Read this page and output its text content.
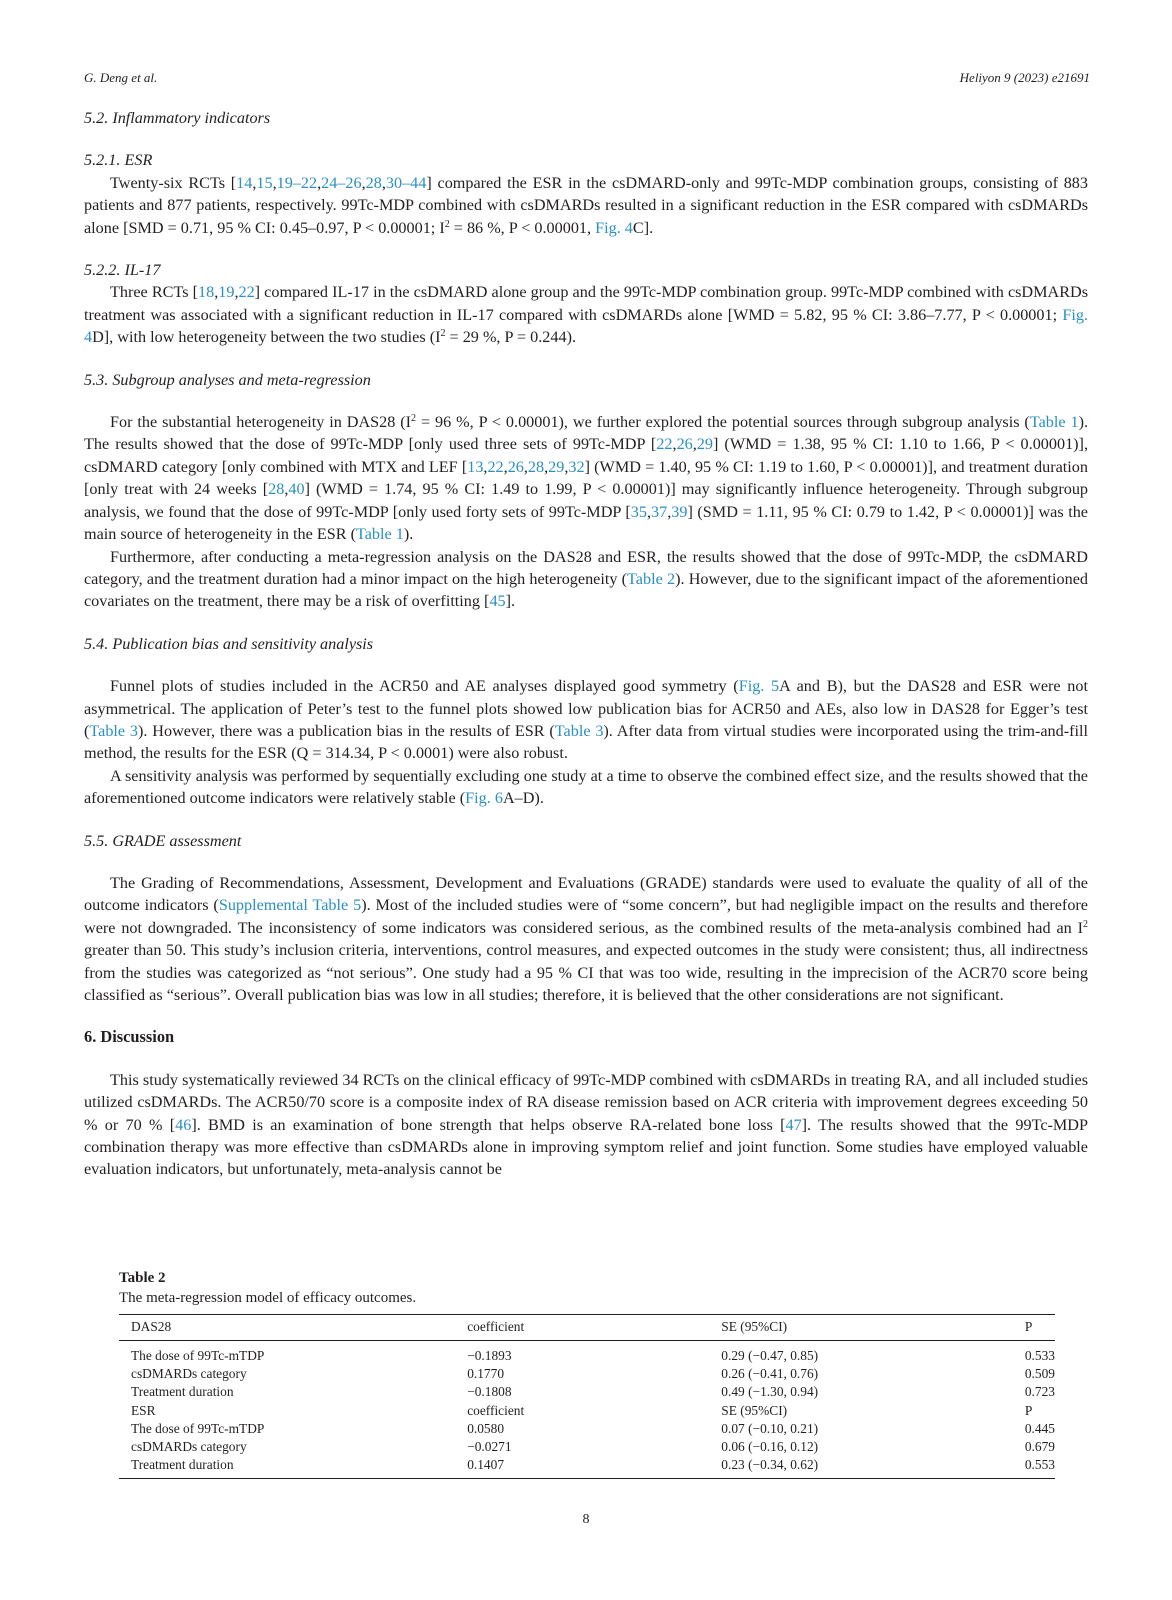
G. Deng et al.	Heliyon 9 (2023) e21691
5.2. Inflammatory indicators
5.2.1. ESR

Twenty-six RCTs [14,15,19–22,24–26,28,30–44] compared the ESR in the csDMARD-only and 99Tc-MDP combination groups, consisting of 883 patients and 877 patients, respectively. 99Tc-MDP combined with csDMARDs resulted in a significant reduction in the ESR compared with csDMARDs alone [SMD = 0.71, 95 % CI: 0.45–0.97, P < 0.00001; $I^2 = 86$ %, P < 0.00001, Fig. 4C].

5.2.2. IL-17

Three RCTs [18,19,22] compared IL-17 in the csDMARD alone group and the 99Tc-MDP combination group. 99Tc-MDP combined with csDMARDs treatment was associated with a significant reduction in IL-17 compared with csDMARDs alone [WMD = 5.82, 95 % CI: 3.86–7.77, P < 0.00001; Fig. 4D], with low heterogeneity between the two studies ($I^2 = 29$ %, P = 0.244).

5.3. Subgroup analyses and meta-regression

For the substantial heterogeneity in DAS28 ($I^2 = 96$ %, P < 0.00001), we further explored the potential sources through subgroup analysis (Table 1). The results showed that the dose of 99Tc-MDP [only used three sets of 99Tc-MDP [22,26,29] (WMD = 1.38, 95 % CI: 1.10 to 1.66, P < 0.00001)], csDMARD category [only combined with MTX and LEF [13,22,26,28,29,32] (WMD = 1.40, 95 % CI: 1.19 to 1.60, P < 0.00001)], and treatment duration [only treat with 24 weeks [28,40] (WMD = 1.74, 95 % CI: 1.49 to 1.99, P < 0.00001)] may significantly influence heterogeneity. Through subgroup analysis, we found that the dose of 99Tc-MDP [only used forty sets of 99Tc-MDP [35,37,39] (SMD = 1.11, 95 % CI: 0.79 to 1.42, P < 0.00001)] was the main source of heterogeneity in the ESR (Table 1).

Furthermore, after conducting a meta-regression analysis on the DAS28 and ESR, the results showed that the dose of 99Tc-MDP, the csDMARD category, and the treatment duration had a minor impact on the high heterogeneity (Table 2). However, due to the significant impact of the aforementioned covariates on the treatment, there may be a risk of overfitting [45].

5.4. Publication bias and sensitivity analysis

Funnel plots of studies included in the ACR50 and AE analyses displayed good symmetry (Fig. 5A and B), but the DAS28 and ESR were not asymmetrical. The application of Peter’s test to the funnel plots showed low publication bias for ACR50 and AEs, also low in DAS28 for Egger’s test (Table 3). However, there was a publication bias in the results of ESR (Table 3). After data from virtual studies were incorporated using the trim-and-fill method, the results for the ESR (Q = 314.34, P < 0.0001) were also robust.

A sensitivity analysis was performed by sequentially excluding one study at a time to observe the combined effect size, and the results showed that the aforementioned outcome indicators were relatively stable (Fig. 6A–D).

5.5. GRADE assessment

The Grading of Recommendations, Assessment, Development and Evaluations (GRADE) standards were used to evaluate the quality of all of the outcome indicators (Supplemental Table 5). Most of the included studies were of “some concern”, but had negligible impact on the results and therefore were not downgraded. The inconsistency of some indicators was considered serious, as the combined results of the meta-analysis combined had an $I^2$ greater than 50. This study’s inclusion criteria, interventions, control measures, and expected outcomes in the study were consistent; thus, all indirectness from the studies was categorized as “not serious”. One study had a 95 % CI that was too wide, resulting in the imprecision of the ACR70 score being classified as “serious”. Overall publication bias was low in all studies; therefore, it is believed that the other considerations are not significant.

6. Discussion

This study systematically reviewed 34 RCTs on the clinical efficacy of 99Tc-MDP combined with csDMARDs in treating RA, and all included studies utilized csDMARDs. The ACR50/70 score is a composite index of RA disease remission based on ACR criteria with improvement degrees exceeding 50 % or 70 % [46]. BMD is an examination of bone strength that helps observe RA-related bone loss [47]. The results showed that the 99Tc-MDP combination therapy was more effective than csDMARDs alone in improving symptom relief and joint function. Some studies have employed valuable evaluation indicators, but unfortunately, meta-analysis cannot be

Table 2
The meta-regression model of efficacy outcomes.
DAS28	coefficient	SE (95%CI)	P
The dose of 99Tc-mTDP	−0.1893	0.29 (−0.47, 0.85)	0.533
csDMARDs category	0.1770	0.26 (−0.41, 0.76)	0.509
Treatment duration	−0.1808	0.49 (−1.30, 0.94)	0.723
ESR	coefficient	SE (95%CI)	P
The dose of 99Tc-mTDP	0.0580	0.07 (−0.10, 0.21)	0.445
csDMARDs category	−0.0271	0.06 (−0.16, 0.12)	0.679
Treatment duration	0.1407	0.23 (−0.34, 0.62)	0.553
8
